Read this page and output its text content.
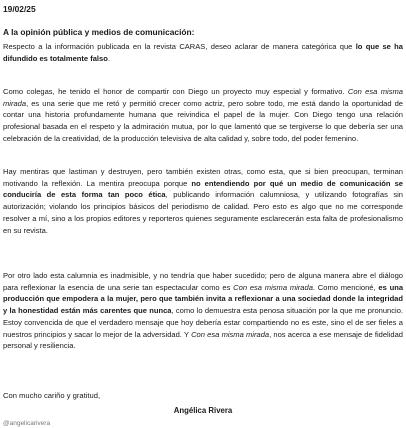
19/02/25
A la opinión pública y medios de comunicación:

Respecto a la información publicada en la revista CARAS, deseo aclarar de manera categórica que lo que se ha difundido es totalmente falso.

Como colegas, he tenido el honor de compartir con Diego un proyecto muy especial y formativo. Con esa misma mirada, es una serie que me retó y permitió crecer como actriz, pero sobre todo, me está dando la oportunidad de contar una historia profundamente humana que reivindica el papel de la mujer. Con Diego tengo una relación profesional basada en el respeto y la admiración mutua, por lo que lamentó que se tergiverse lo que debería ser una celebración de la creatividad, de la producción televisiva de alta calidad y, sobre todo, del poder femenino.

Hay mentiras que lastiman y destruyen, pero también existen otras, como esta, que si bien preocupan, terminan motivando la reflexión. La mentira preocupa porque no entendiendo por qué un medio de comunicación se conduciría de esta forma tan poco ética, publicando información calumniosa, y utilizando fotografías sin autorización; violando los principios básicos del periodismo de calidad. Pero esto es algo que no me corresponde resolver a mí, sino a los propios editores y reporteros quienes seguramente esclarecerán esta falta de profesionalismo en su revista.

Por otro lado esta calumnia es inadmisible, y no tendría que haber sucedido; pero de alguna manera abre el diálogo para reflexionar la esencia de una serie tan espectacular como es Con esa misma mirada. Como mencioné, es una producción que empodera a la mujer, pero que también invita a reflexionar a una sociedad donde la integridad y la honestidad están más carentes que nunca, como lo demuestra esta penosa situación por la que me pronuncio. Estoy convencida de que el verdadero mensaje que hoy debería estar compartiendo no es este, sino el de ser fieles a nuestros principios y sacar lo mejor de la adversidad. Y Con esa misma mirada, nos acerca a ese mensaje de fidelidad personal y resiliencia.

Con mucho cariño y gratitud,
Angélica Rivera
@angelicarivera
